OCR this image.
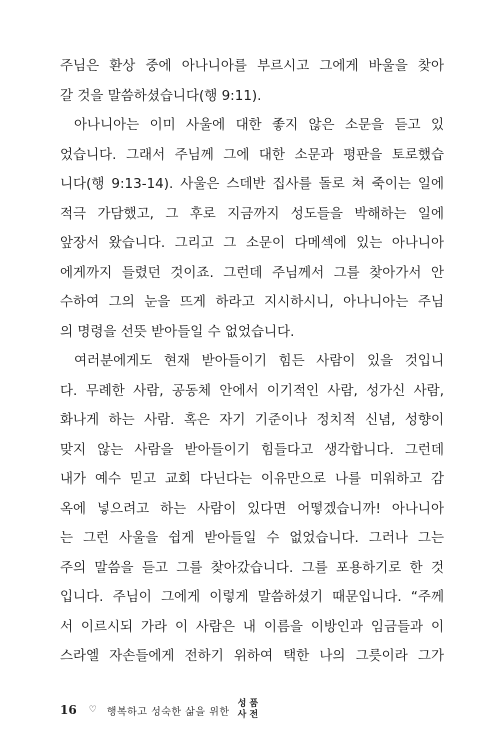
주님은 환상 중에 아나니아를 부르시고 그에게 바울을 찾아
갈 것을 말씀하셨습니다(행 9:11).
아나니아는 이미 사울에 대한 좋지 않은 소문을 듣고 있
었습니다. 그래서 주님께 그에 대한 소문과 평판을 토로했습
니다(행 9:13-14). 사울은 스데반 집사를 돌로 쳐 죽이는 일에
적극 가담했고, 그 후로 지금까지 성도들을 박해하는 일에
앞장서 왔습니다. 그리고 그 소문이 다메섹에 있는 아나니아
에게까지 들렸던 것이죠. 그런데 주님께서 그를 찾아가서 안
수하여 그의 눈을 뜨게 하라고 지시하시니, 아나니아는 주님
의 명령을 선뜻 받아들일 수 없었습니다.
여러분에게도 현재 받아들이기 힘든 사람이 있을 것입니
다. 무례한 사람, 공동체 안에서 이기적인 사람, 성가신 사람,
화나게 하는 사람. 혹은 자기 기준이나 정치적 신념, 성향이
맞지 않는 사람을 받아들이기 힘들다고 생각합니다. 그런데
내가 예수 믿고 교회 다닌다는 이유만으로 나를 미워하고 감
옥에 넣으려고 하는 사람이 있다면 어떻겠습니까! 아나니아
는 그런 사울을 쉽게 받아들일 수 없었습니다. 그러나 그는
주의 말씀을 듣고 그를 찾아갔습니다. 그를 포용하기로 한 것
입니다. 주님이 그에게 이렇게 말씀하셨기 때문입니다. “주께
서 이르시되 가라 이 사람은 내 이름을 이방인과 임금들과 이
스라엘 자손들에게 전하기 위하여 택한 나의 그릇이라 그가
16 ♡ 행복하고 성숙한 삶을 위한
성 품
사 전
